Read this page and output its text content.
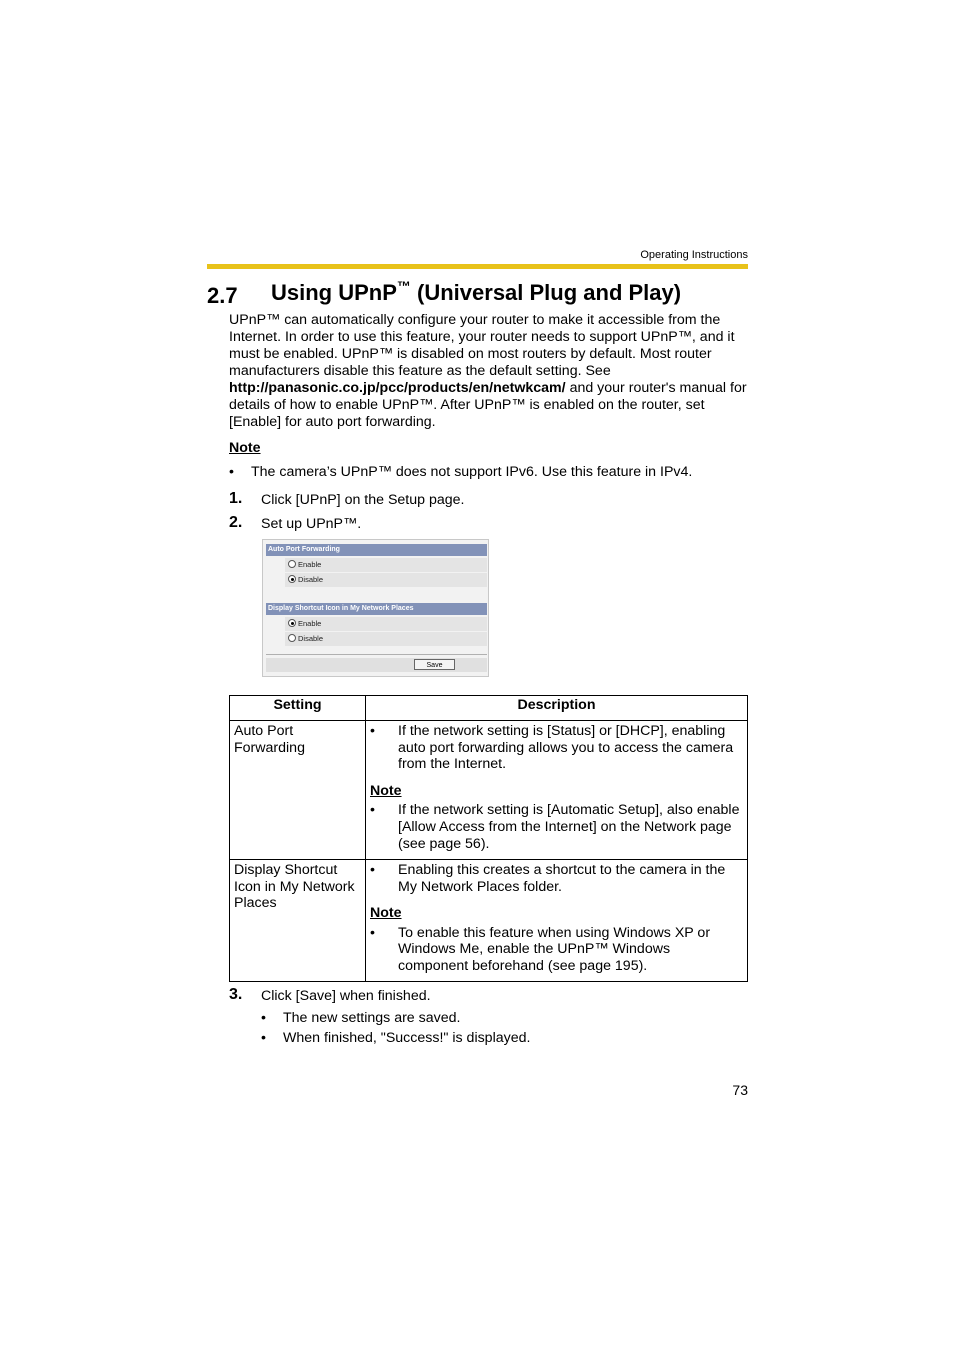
Operating Instructions
2.7 Using UPnP™ (Universal Plug and Play)
UPnP™ can automatically configure your router to make it accessible from the Internet. In order to use this feature, your router needs to support UPnP™, and it must be enabled. UPnP™ is disabled on most routers by default. Most router manufacturers disable this feature as the default setting. See http://panasonic.co.jp/pcc/products/en/netwkcam/ and your router's manual for details of how to enable UPnP™. After UPnP™ is enabled on the router, set [Enable] for auto port forwarding.
Note
• The camera’s UPnP™ does not support IPv6. Use this feature in IPv4.
1. Click [UPnP] on the Setup page.
2. Set up UPnP™.
Auto Port Forwarding
Enable
Disable
Display Shortcut Icon in My Network Places
Enable
Disable
Save
Setting	Description
Auto Port Forwarding	• If the network setting is [Status] or [DHCP], enabling auto port forwarding allows you to access the camera from the Internet.
Note
• If the network setting is [Automatic Setup], also enable [Allow Access from the Internet] on the Network page (see page 56).

Display Shortcut Icon in My Network Places	• Enabling this creates a shortcut to the camera in the My Network Places folder.
Note
• To enable this feature when using Windows XP or Windows Me, enable the UPnP™ Windows component beforehand (see page 195).
3. Click [Save] when finished.
• The new settings are saved.
• When finished, "Success!" is displayed.
73
